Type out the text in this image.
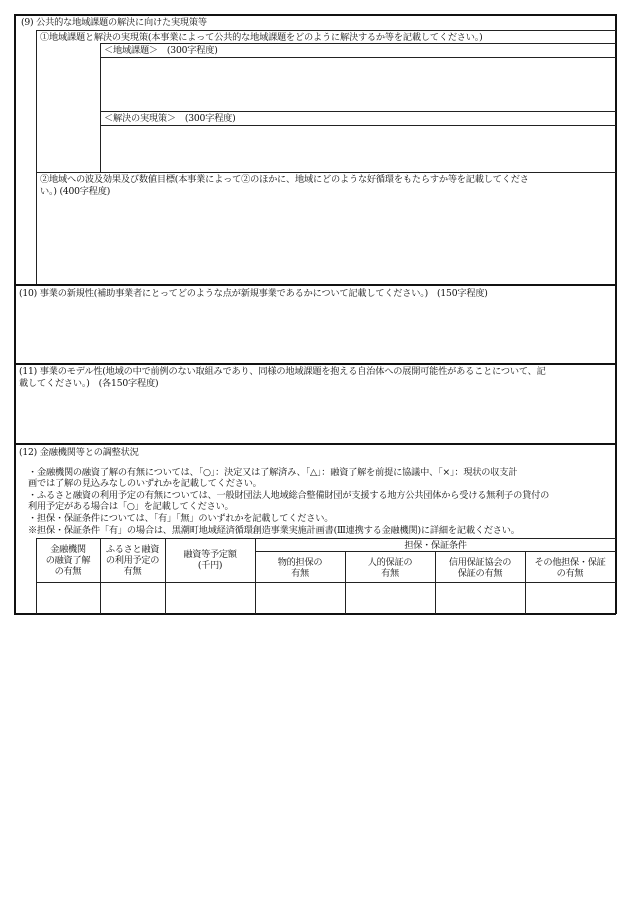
(9) 公共的な地域課題の解決に向けた実現策等
①地域課題と解決の実現策(本事業によって公共的な地域課題をどのように解決するか等を記載してください。)
＜地域課題＞　(300字程度)
＜解決の実現策＞　(300字程度)
②地域への波及効果及び数値目標(本事業によって②のほかに、地域にどのような好循環をもたらすか等を記載してくださ
い。) (400字程度)
(10) 事業の新規性(補助事業者にとってどのような点が新規事業であるかについて記載してください。)　(150字程度)
(11) 事業のモデル性(地域の中で前例のない取組みであり、同様の地域課題を抱える自治体への展開可能性があることについて、記
載してください。)　(各150字程度)
(12) 金融機関等との調整状況
・金融機関の融資了解の有無については、「○」：決定又は了解済み、「△」：融資了解を前提に協議中、「×」：現状の収支計
画では了解の見込みなしのいずれかを記載してください。
・ふるさと融資の利用予定の有無については、一般財団法人地域総合整備財団が支援する地方公共団体から受ける無利子の貸付の
利用予定がある場合は「○」を記載してください。
・担保・保証条件については、「有」「無」のいずれかを記載してください。
※担保・保証条件「有」の場合は、黒潮町地域経済循環創造事業実施計画書(Ⅲ連携する金融機関)に詳細を記載ください。
金融機関
の融資了解
の有無
ふるさと融資
の利用予定の
有無
融資等予定額
(千円)
担保・保証条件
物的担保の
有無
人的保証の
有無
信用保証協会の
保証の有無
その他担保・保証
の有無
